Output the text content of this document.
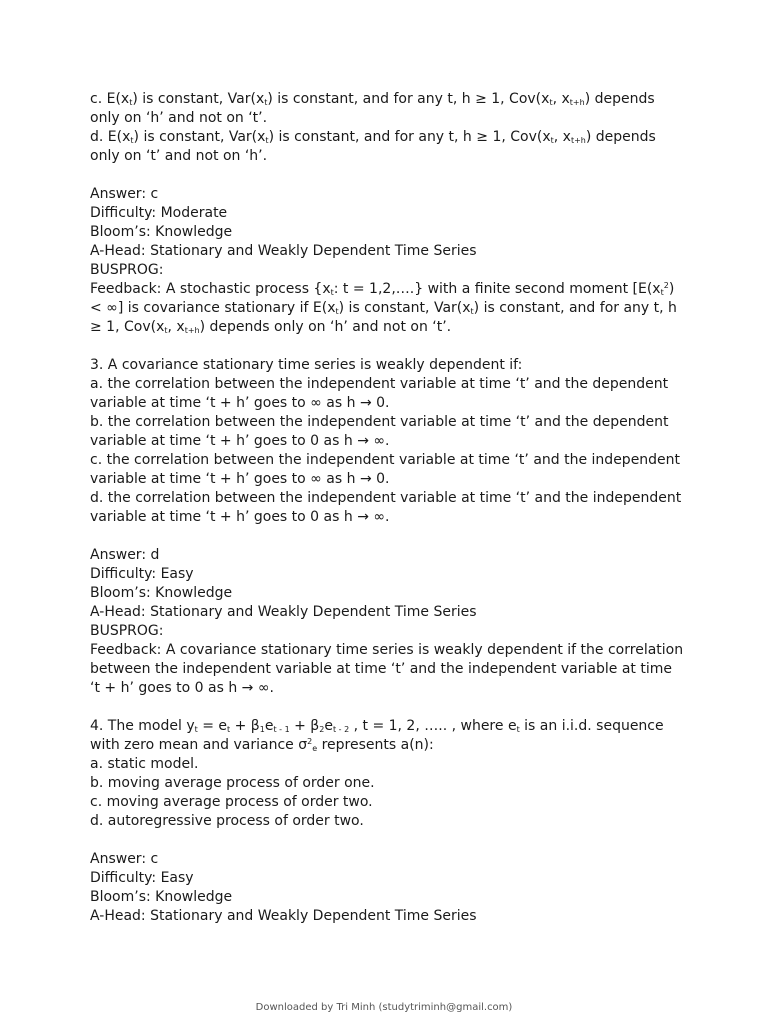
c. $E(x_t)$ is constant, $Var(x_t)$ is constant, and for any t, h ≥ 1, $Cov(x_t$, $x_{t+h}$) depends
only on ‘h’ and not on ‘t’.
d. $E(x_t)$ is constant, $Var(x_t)$ is constant, and for any t, h ≥ 1, $Cov(x_t$, $x_{t+h}$) depends
only on ‘t’ and not on ‘h’.
Answer: c
Difficulty: Moderate
Bloom’s: Knowledge
A-Head: Stationary and Weakly Dependent Time Series
BUSPROG:
Feedback: A stochastic process {$x_t$: t = 1,2,….} with a finite second moment [$E(x_t^2)$
< ∞] is covariance stationary if $E(x_t)$ is constant, $Var(x_t)$ is constant, and for any t, h
≥ 1, $Cov(x_t$, $x_{t+h}$) depends only on ‘h’ and not on ‘t’.
3. A covariance stationary time series is weakly dependent if:
a. the correlation between the independent variable at time ‘t’ and the dependent
variable at time ‘t + h’ goes to ∞ as h → 0.
b. the correlation between the independent variable at time ‘t’ and the dependent
variable at time ‘t + h’ goes to 0 as h → ∞.
c. the correlation between the independent variable at time ‘t’ and the independent
variable at time ‘t + h’ goes to ∞ as h → 0.
d. the correlation between the independent variable at time ‘t’ and the independent
variable at time ‘t + h’ goes to 0 as h → ∞.
Answer: d
Difficulty: Easy
Bloom’s: Knowledge
A-Head: Stationary and Weakly Dependent Time Series
BUSPROG:
Feedback: A covariance stationary time series is weakly dependent if the correlation
between the independent variable at time ‘t’ and the independent variable at time
‘t + h’ goes to 0 as h → ∞.
4. The model $y_t = e_t + \beta_1e_{t - 1} + \beta_2e_{t - 2}$ , t = 1, 2, ….. , where $e_t$ is an i.i.d. sequence
with zero mean and variance $\sigma^2_e$ represents a(n):
a. static model.
b. moving average process of order one.
c. moving average process of order two.
d. autoregressive process of order two.
Answer: c
Difficulty: Easy
Bloom’s: Knowledge
A-Head: Stationary and Weakly Dependent Time Series
Downloaded by Tri Minh (studytriminh@gmail.com)
